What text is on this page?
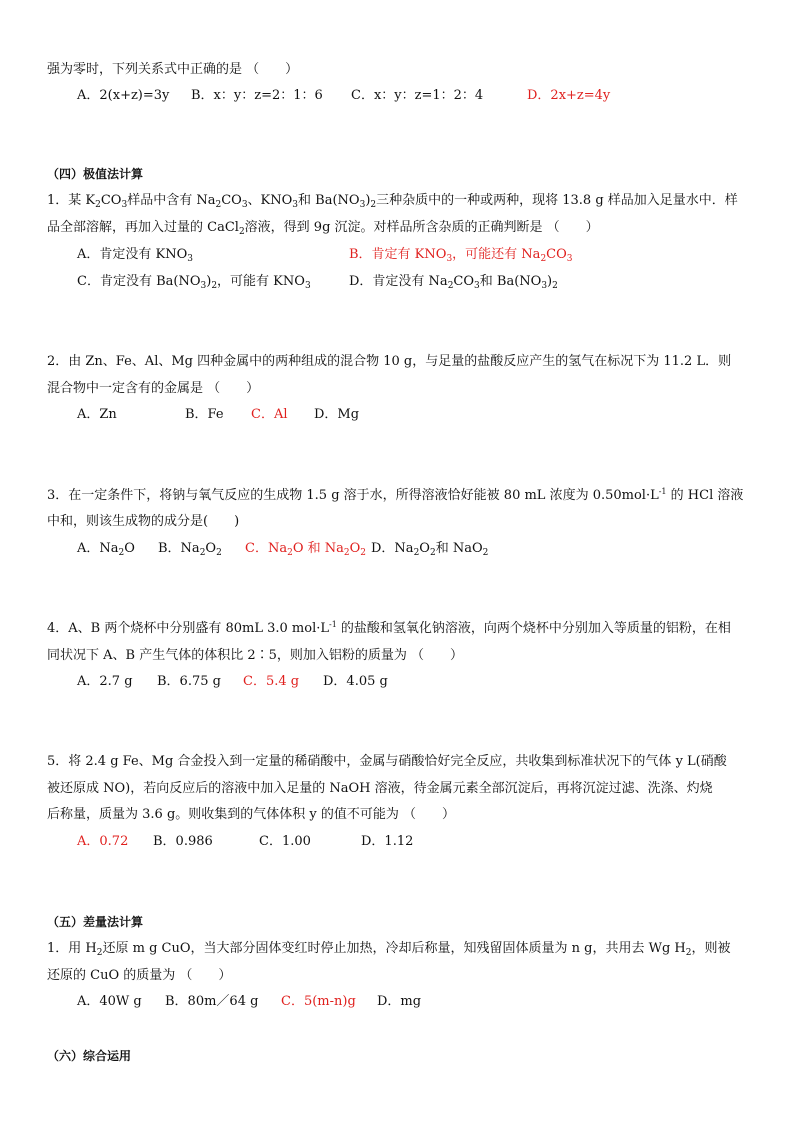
强为零时，下列关系式中正确的是 （　　）
A．2(x+z)=3y B．x：y：z=2：1：6 C．x：y：z=1：2：4	D．2x+z=4y
（四）极值法计算
1．某 $K_2CO_3$样品中含有 $Na_2CO_3$、$KNO_3$和 $Ba(NO_3)_2$三种杂质中的一种或两种，现将 13.8 g 样品加入足量水中．样
品全部溶解，再加入过量的 CaCl$_2$溶液，得到 9g 沉淀。对样品所含杂质的正确判断是 （　　）
A．肯定没有 $KNO_3$	B．肯定有 $KNO_3$，可能还有 $Na_2CO_3$
C．肯定没有 $Ba(NO_3)_2$，可能有 $KNO_3$	D．肯定没有 $Na_2CO_3$和 $Ba(NO_3)_2$
2．由 Zn、Fe、Al、Mg 四种金属中的两种组成的混合物 10 g，与足量的盐酸反应产生的氢气在标况下为 11.2 L．则
混合物中一定含有的金属是 （　　）
A．Zn	B．Fe C．Al D．Mg
3．在一定条件下，将钠与氧气反应的生成物 1.5 g 溶于水，所得溶液恰好能被 80 mL 浓度为 $0.50mol\cdot L^{-1}$ 的 HCl 溶液
中和，则该生成物的成分是(　　)
A．$Na_2O$ B．$Na_2O_2$ C．$Na_2O$ 和 $Na_2O_2$ D．$Na_2O_2$和 NaO$_2$
4．A、B 两个烧杯中分别盛有 80mL 3.0 $mol\cdot L^{-1}$ 的盐酸和氢氧化钠溶液，向两个烧杯中分别加入等质量的铝粉，在相
同状况下 A、B 产生气体的体积比 2∶5，则加入铝粉的质量为 （　　）
A．2.7 g B．6.75 g C．5.4 g D．4.05 g
5．将 2.4 g Fe、Mg 合金投入到一定量的稀硝酸中，金属与硝酸恰好完全反应，共收集到标准状况下的气体 y L(硝酸
被还原成 NO)，若向反应后的溶液中加入足量的 NaOH 溶液，待金属元素全部沉淀后，再将沉淀过滤、洗涤、灼烧
后称量，质量为 3.6 g。则收集到的气体体积 y 的值不可能为 （　　）
A．0.72 B．0.986	C．1.00	D．1.12
（五）差量法计算
1．用 $H_2$还原 m g CuO，当大部分固体变红时停止加热，冷却后称量，知残留固体质量为 n g，共用去 Wg $H_2$，则被
还原的 CuO 的质量为 （　　）
A．40W g B．80m／64 g C．5(m-n)g D．mg
（六）综合运用
